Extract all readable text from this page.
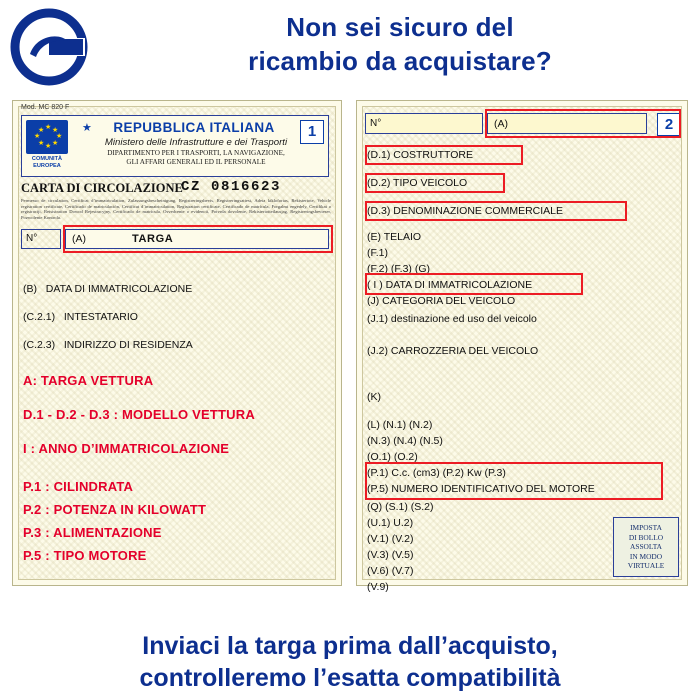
Non sei sicuro del
ricambio da acquistare?
Mod. MC 820 F
★ ★
★
★
★
★
★
★
COMUNITÀ
EUROPEA
★	REPUBBLICA ITALIANA
Ministero delle Infrastrutture e dei Trasporti
DIPARTIMENTO PER I TRASPORTI, LA NAVIGAZIONE,
GLI AFFARI GENERALI ED IL PERSONALE
1
CARTA DI CIRCOLAZIONE
CZ 0816623
Permesso de circulation, Certificat d’immatriculation, Zulassungsbescheinigung, Registreringsbevis, Registreringsattest, Adeia kikloforias, Rekisteriote, Vehicle registration certificate, Certificado de matriculación, Certificat d’immatriculation, Registration certificate, Certificado de matrícula, Forgalmi engedely, Certifikat o registraciji, Reisistration Dowod Rejestracyjny, Certificado de matrícula, Osvedcenie o evidencii, Potvrda dovolenie, Rekisteriotteilausjag, Registreringsbevieser, Pozwolenie Kontrola.
N°	(A)	TARGA
(B) DATA DI IMMATRICOLAZIONE
(C.2.1) INTESTATARIO
(C.2.3) INDIRIZZO DI RESIDENZA
A: TARGA VETTURA
D.1 - D.2 - D.3 : MODELLO VETTURA
I : ANNO D’IMMATRICOLAZIONE
P.1 : CILINDRATA
P.2 : POTENZA IN KILOWATT
P.3 : ALIMENTAZIONE
P.5 : TIPO MOTORE
N°	(A)	2
(D.1) COSTRUTTORE
(D.2) TIPO VEICOLO
(D.3) DENOMINAZIONE COMMERCIALE
(E) TELAIO
(F.1)
(F.2) (F.3) (G)
( I ) DATA DI IMMATRICOLAZIONE
(J) CATEGORIA DEL VEICOLO
(J.1) destinazione ed uso del veicolo
(J.2) CARROZZERIA DEL VEICOLO
(K)
(L) (N.1) (N.2)
(N.3) (N.4) (N.5)
(O.1) (O.2)
(P.1) C.c. (cm3) (P.2) Kw (P.3)
(P.5) NUMERO IDENTIFICATIVO DEL MOTORE
(Q) (S.1) (S.2)
(U.1) U.2)
(V.1) (V.2)
(V.3) (V.5)
(V.6) (V.7)
(V.9)
IMPOSTA
DI BOLLO
ASSOLTA
IN MODO
VIRTUALE
Inviaci la targa prima dall’acquisto,
controlleremo l’esatta compatibilità
